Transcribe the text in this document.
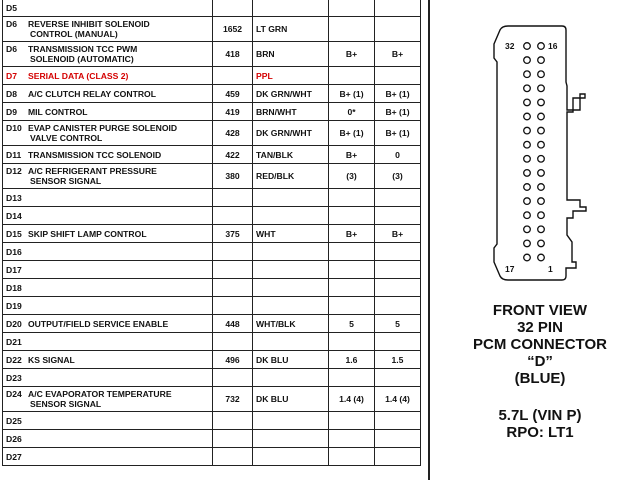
D5				
D6 REVERSE INHIBIT SOLENOID
CONTROL (MANUAL)	1652	LT GRN		
D6 TRANSMISSION TCC PWM
SOLENOID (AUTOMATIC)	418	BRN	B+	B+
D7 SERIAL DATA (CLASS 2)		PPL		
D8 A/C CLUTCH RELAY CONTROL	459	DK GRN/WHT	B+ (1)	B+ (1)
D9 MIL CONTROL	419	BRN/WHT	0*	B+ (1)
D10 EVAP CANISTER PURGE SOLENOID
VALVE CONTROL	428	DK GRN/WHT	B+ (1)	B+ (1)
D11 TRANSMISSION TCC SOLENOID	422	TAN/BLK	B+	0
D12 A/C REFRIGERANT PRESSURE
SENSOR SIGNAL	380	RED/BLK	(3)	(3)
D13				
D14				
D15 SKIP SHIFT LAMP CONTROL	375	WHT	B+	B+
D16				
D17				
D18				
D19				
D20 OUTPUT/FIELD SERVICE ENABLE	448	WHT/BLK	5	5
D21				
D22 KS SIGNAL	496	DK BLU	1.6	1.5
D23				
D24 A/C EVAPORATOR TEMPERATURE
SENSOR SIGNAL	732	DK BLU	1.4 (4)	1.4 (4)
D25				
D26				
D27				
32	16
17	1
FRONT VIEW
32 PIN
PCM CONNECTOR
“D”
(BLUE)
5.7L (VIN P)
RPO: LT1
